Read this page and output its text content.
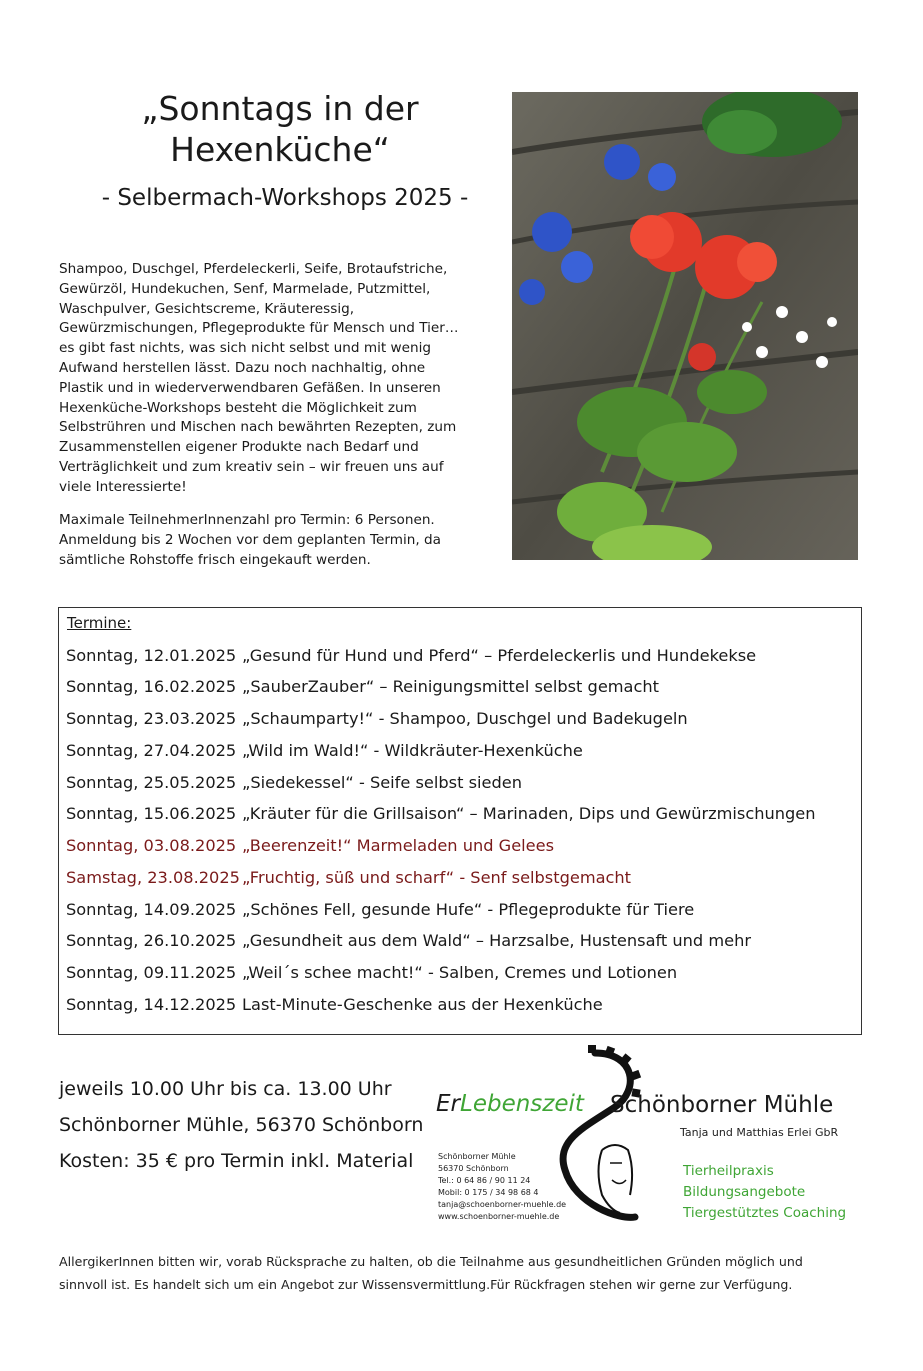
„Sonntags in der
Hexenküche“
- Selbermach-Workshops 2025 -
Shampoo, Duschgel, Pferdeleckerli, Seife, Brotaufstriche,
Gewürzöl, Hundekuchen, Senf, Marmelade, Putzmittel,
Waschpulver, Gesichtscreme, Kräuteressig,
Gewürzmischungen, Pflegeprodukte für Mensch und Tier…
es gibt fast nichts, was sich nicht selbst und mit wenig
Aufwand herstellen lässt. Dazu noch nachhaltig, ohne
Plastik und in wiederverwendbaren Gefäßen. In unseren
Hexenküche-Workshops besteht die Möglichkeit zum
Selbstrühren und Mischen nach bewährten Rezepten, zum
Zusammenstellen eigener Produkte nach Bedarf und
Verträglichkeit und zum kreativ sein – wir freuen uns auf
viele Interessierte!
Maximale TeilnehmerInnenzahl pro Termin: 6 Personen.
Anmeldung bis 2 Wochen vor dem geplanten Termin, da
sämtliche Rohstoffe frisch eingekauft werden.
Termine:
Sonntag, 12.01.2025 „Gesund für Hund und Pferd“ – Pferdeleckerlis und Hundekekse
Sonntag, 16.02.2025 „SauberZauber“ – Reinigungsmittel selbst gemacht
Sonntag, 23.03.2025 „Schaumparty!“ - Shampoo, Duschgel und Badekugeln
Sonntag, 27.04.2025 „Wild im Wald!“ - Wildkräuter-Hexenküche
Sonntag, 25.05.2025 „Siedekessel“ - Seife selbst sieden
Sonntag, 15.06.2025 „Kräuter für die Grillsaison“ – Marinaden, Dips und Gewürzmischungen
Sonntag, 03.08.2025 „Beerenzeit!“ Marmeladen und Gelees
Samstag, 23.08.2025 „Fruchtig, süß und scharf“ - Senf selbstgemacht
Sonntag, 14.09.2025 „Schönes Fell, gesunde Hufe“ - Pflegeprodukte für Tiere
Sonntag, 26.10.2025 „Gesundheit aus dem Wald“ – Harzsalbe, Hustensaft und mehr
Sonntag, 09.11.2025 „Weil´s schee macht!“ - Salben, Cremes und Lotionen
Sonntag, 14.12.2025 Last-Minute-Geschenke aus der Hexenküche
jeweils 10.00 Uhr bis ca. 13.00 Uhr
Schönborner Mühle, 56370 Schönborn
Kosten: 35 € pro Termin inkl. Material
ErLebenszeit Schönborner Mühle
Tanja und Matthias Erlei GbR
Schönborner Mühle
56370 Schönborn
Tel.: 0 64 86 / 90 11 24
Mobil: 0 175 / 34 98 68 4
tanja@schoenborner-muehle.de
www.schoenborner-muehle.de
Tierheilpraxis
Bildungsangebote
Tiergestütztes Coaching
AllergikerInnen bitten wir, vorab Rücksprache zu halten, ob die Teilnahme aus gesundheitlichen Gründen möglich und
sinnvoll ist. Es handelt sich um ein Angebot zur Wissensvermittlung.Für Rückfragen stehen wir gerne zur Verfügung.
